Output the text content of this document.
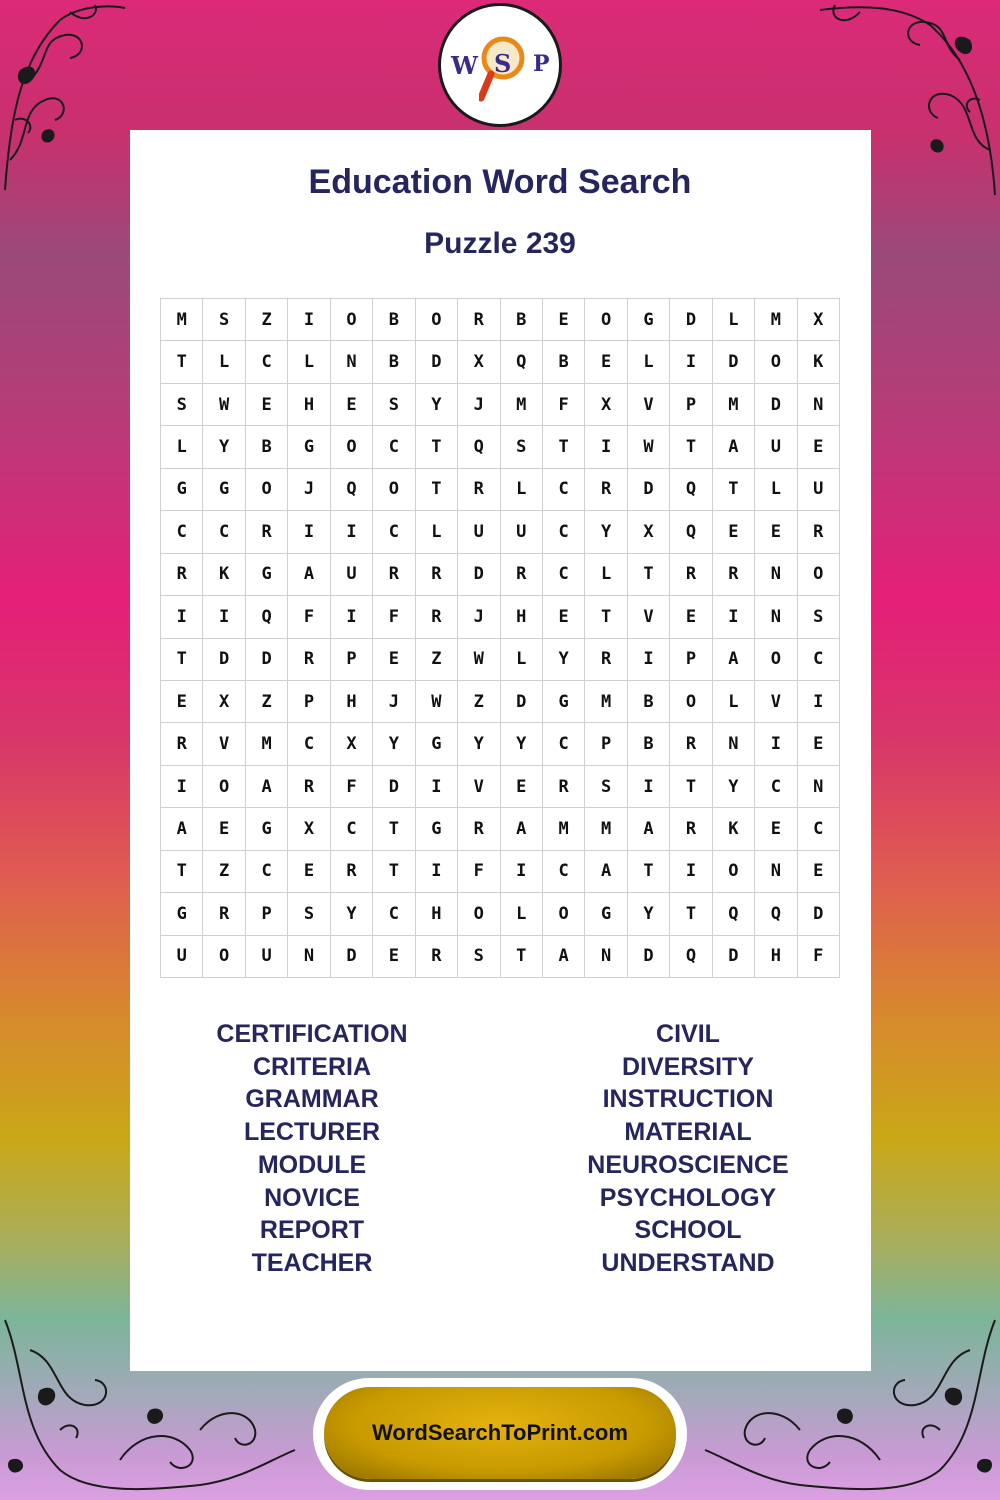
W S P
Education Word Search
Puzzle 239
M	S	Z	I	O	B	O	R	B	E	O	G	D	L	M	X
T	L	C	L	N	B	D	X	Q	B	E	L	I	D	O	K
S	W	E	H	E	S	Y	J	M	F	X	V	P	M	D	N
L	Y	B	G	O	C	T	Q	S	T	I	W	T	A	U	E
G	G	O	J	Q	O	T	R	L	C	R	D	Q	T	L	U
C	C	R	I	I	C	L	U	U	C	Y	X	Q	E	E	R
R	K	G	A	U	R	R	D	R	C	L	T	R	R	N	O
I	I	Q	F	I	F	R	J	H	E	T	V	E	I	N	S
T	D	D	R	P	E	Z	W	L	Y	R	I	P	A	O	C
E	X	Z	P	H	J	W	Z	D	G	M	B	O	L	V	I
R	V	M	C	X	Y	G	Y	Y	C	P	B	R	N	I	E
I	O	A	R	F	D	I	V	E	R	S	I	T	Y	C	N
A	E	G	X	C	T	G	R	A	M	M	A	R	K	E	C
T	Z	C	E	R	T	I	F	I	C	A	T	I	O	N	E
G	R	P	S	Y	C	H	O	L	O	G	Y	T	Q	Q	D
U	O	U	N	D	E	R	S	T	A	N	D	Q	D	H	F
CERTIFICATION
CRITERIA
GRAMMAR
LECTURER
MODULE
NOVICE
REPORT
TEACHER
CIVIL
DIVERSITY
INSTRUCTION
MATERIAL
NEUROSCIENCE
PSYCHOLOGY
SCHOOL
UNDERSTAND
WordSearchToPrint.com
